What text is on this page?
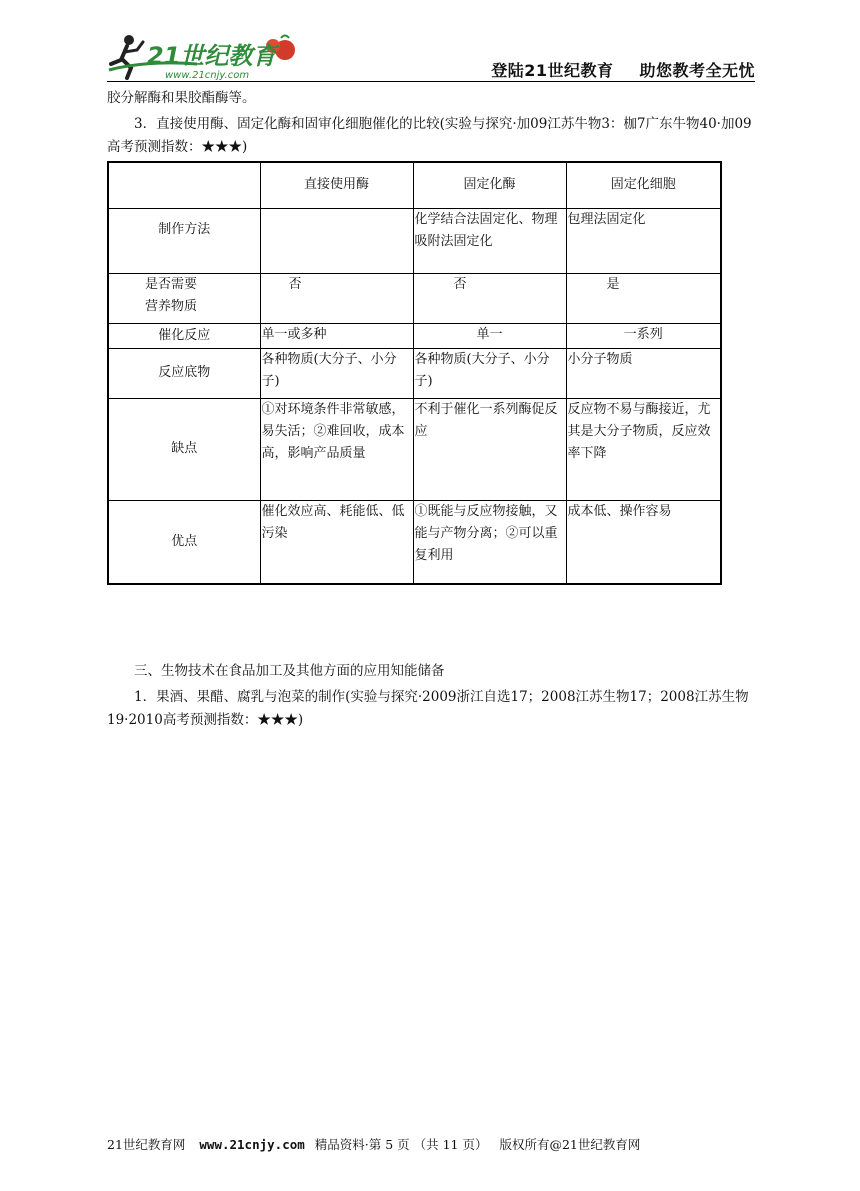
21世纪教育
www.21cnjy.com	登陆21世纪教育 助您教考全无忧
胶分解酶和果胶酯酶等。
3．直接使用酶、固定化酶和固审化细胞催化的比较(实验与探究·加09江苏牛物3：枷7广东牛物40·加09高考预测指数：★★★)
	直接使用酶	固定化酶	固定化细胞
制作方法		化学结合法固定化、物理吸附法固定化	包理法固定化

是否需要
营养物质	否	否	是
催化反应	单一或多种	单一	一系列
反应底物	各种物质(大分子、小分子)	各种物质(大分子、小分子)	小分子物质
缺点	①对环境条件非常敏感，易失活；②难回收，成本高，影响产品质量	不利于催化一系列酶促反应	反应物不易与酶接近，尤其是大分子物质，反应效率下降
优点	催化效应高、耗能低、低污染	①既能与反应物接触，又能与产物分离；②可以重复利用	成本低、操作容易
三、生物技术在食品加工及其他方面的应用知能储备
1．果酒、果醋、腐乳与泡菜的制作(实验与探究·2009浙江自选17；2008江苏生物17；2008江苏生物19·2010高考预测指数：★★★)
21世纪教育网 www.21cnjy.com 精品资料·第 5 页 （共 11 页） 版权所有@21世纪教育网
